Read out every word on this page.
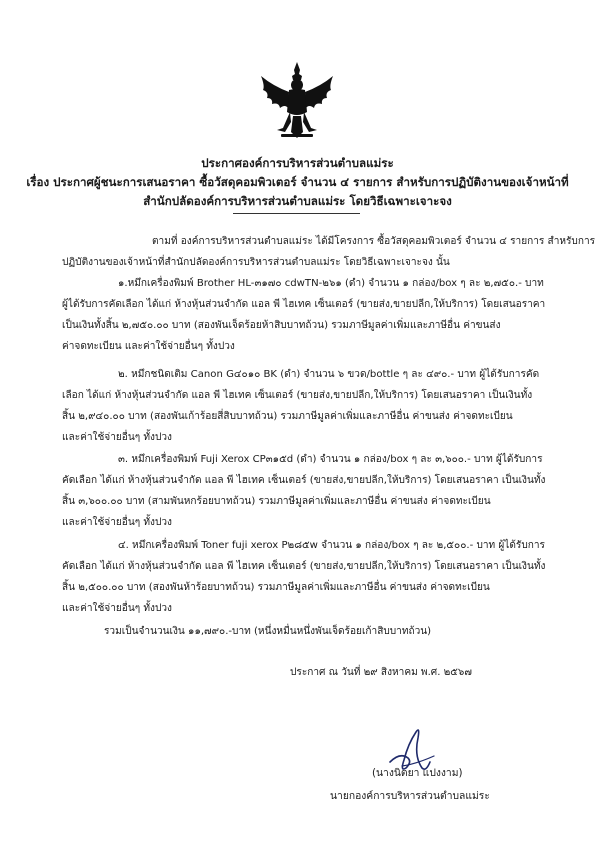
ประกาศองค์การบริหารส่วนตำบลแม่ระ
เรื่อง ประกาศผู้ชนะการเสนอราคา ซื้อวัสดุคอมพิวเตอร์ จำนวน ๔ รายการ สำหรับการปฏิบัติงานของเจ้าหน้าที่
สำนักปลัดองค์การบริหารส่วนตำบลแม่ระ โดยวิธีเฉพาะเจาะจง
ตามที่ องค์การบริหารส่วนตำบลแม่ระ ได้มีโครงการ ซื้อวัสดุคอมพิวเตอร์ จำนวน ๔ รายการ สำหรับการ
ปฏิบัติงานของเจ้าหน้าที่สำนักปลัดองค์การบริหารส่วนตำบลแม่ระ โดยวิธีเฉพาะเจาะจง นั้น
๑.หมึกเครื่องพิมพ์ Brother HL-๓๑๗๐ cdwTN-๒๖๑ (ดำ) จำนวน ๑ กล่อง/box ๆ ละ ๒,๗๕๐.- บาท
ผู้ได้รับการคัดเลือก ได้แก่ ห้างหุ้นส่วนจำกัด แอล พี ไฮเทค เซ็นเตอร์ (ขายส่ง,ขายปลีก,ให้บริการ) โดยเสนอราคา
เป็นเงินทั้งสิ้น ๒,๗๕๐.๐๐ บาท (สองพันเจ็ดร้อยห้าสิบบาทถ้วน) รวมภาษีมูลค่าเพิ่มและภาษีอื่น ค่าขนส่ง
ค่าจดทะเบียน และค่าใช้จ่ายอื่นๆ ทั้งปวง
๒. หมึกชนิดเติม Canon G๔๐๑๐ BK (ดำ) จำนวน ๖ ขวด/bottle ๆ ละ ๔๙๐.- บาท ผู้ได้รับการคัด
เลือก ได้แก่ ห้างหุ้นส่วนจำกัด แอล พี ไฮเทค เซ็นเตอร์ (ขายส่ง,ขายปลีก,ให้บริการ) โดยเสนอราคา เป็นเงินทั้ง
สิ้น ๒,๙๔๐.๐๐ บาท (สองพันเก้าร้อยสี่สิบบาทถ้วน) รวมภาษีมูลค่าเพิ่มและภาษีอื่น ค่าขนส่ง ค่าจดทะเบียน
และค่าใช้จ่ายอื่นๆ ทั้งปวง
๓. หมึกเครื่องพิมพ์ Fuji Xerox CP๓๑๕d (ดำ) จำนวน ๑ กล่อง/box ๆ ละ ๓,๖๐๐.- บาท ผู้ได้รับการ
คัดเลือก ได้แก่ ห้างหุ้นส่วนจำกัด แอล พี ไฮเทค เซ็นเตอร์ (ขายส่ง,ขายปลีก,ให้บริการ) โดยเสนอราคา เป็นเงินทั้ง
สิ้น ๓,๖๐๐.๐๐ บาท (สามพันหกร้อยบาทถ้วน) รวมภาษีมูลค่าเพิ่มและภาษีอื่น ค่าขนส่ง ค่าจดทะเบียน
และค่าใช้จ่ายอื่นๆ ทั้งปวง
๔. หมึกเครื่องพิมพ์ Toner fuji xerox P๒๘๕w จำนวน ๑ กล่อง/box ๆ ละ ๒,๕๐๐.- บาท ผู้ได้รับการ
คัดเลือก ได้แก่ ห้างหุ้นส่วนจำกัด แอล พี ไฮเทค เซ็นเตอร์ (ขายส่ง,ขายปลีก,ให้บริการ) โดยเสนอราคา เป็นเงินทั้ง
สิ้น ๒,๕๐๐.๐๐ บาท (สองพันห้าร้อยบาทถ้วน) รวมภาษีมูลค่าเพิ่มและภาษีอื่น ค่าขนส่ง ค่าจดทะเบียน
และค่าใช้จ่ายอื่นๆ ทั้งปวง
รวมเป็นจำนวนเงิน ๑๑,๗๙๐.-บาท (หนึ่งหมื่นหนึ่งพันเจ็ดร้อยเก้าสิบบาทถ้วน)
ประกาศ ณ วันที่ ๒๙ สิงหาคม พ.ศ. ๒๕๖๗
(นางนิตยา แปงงาม)
นายกองค์การบริหารส่วนตำบลแม่ระ
